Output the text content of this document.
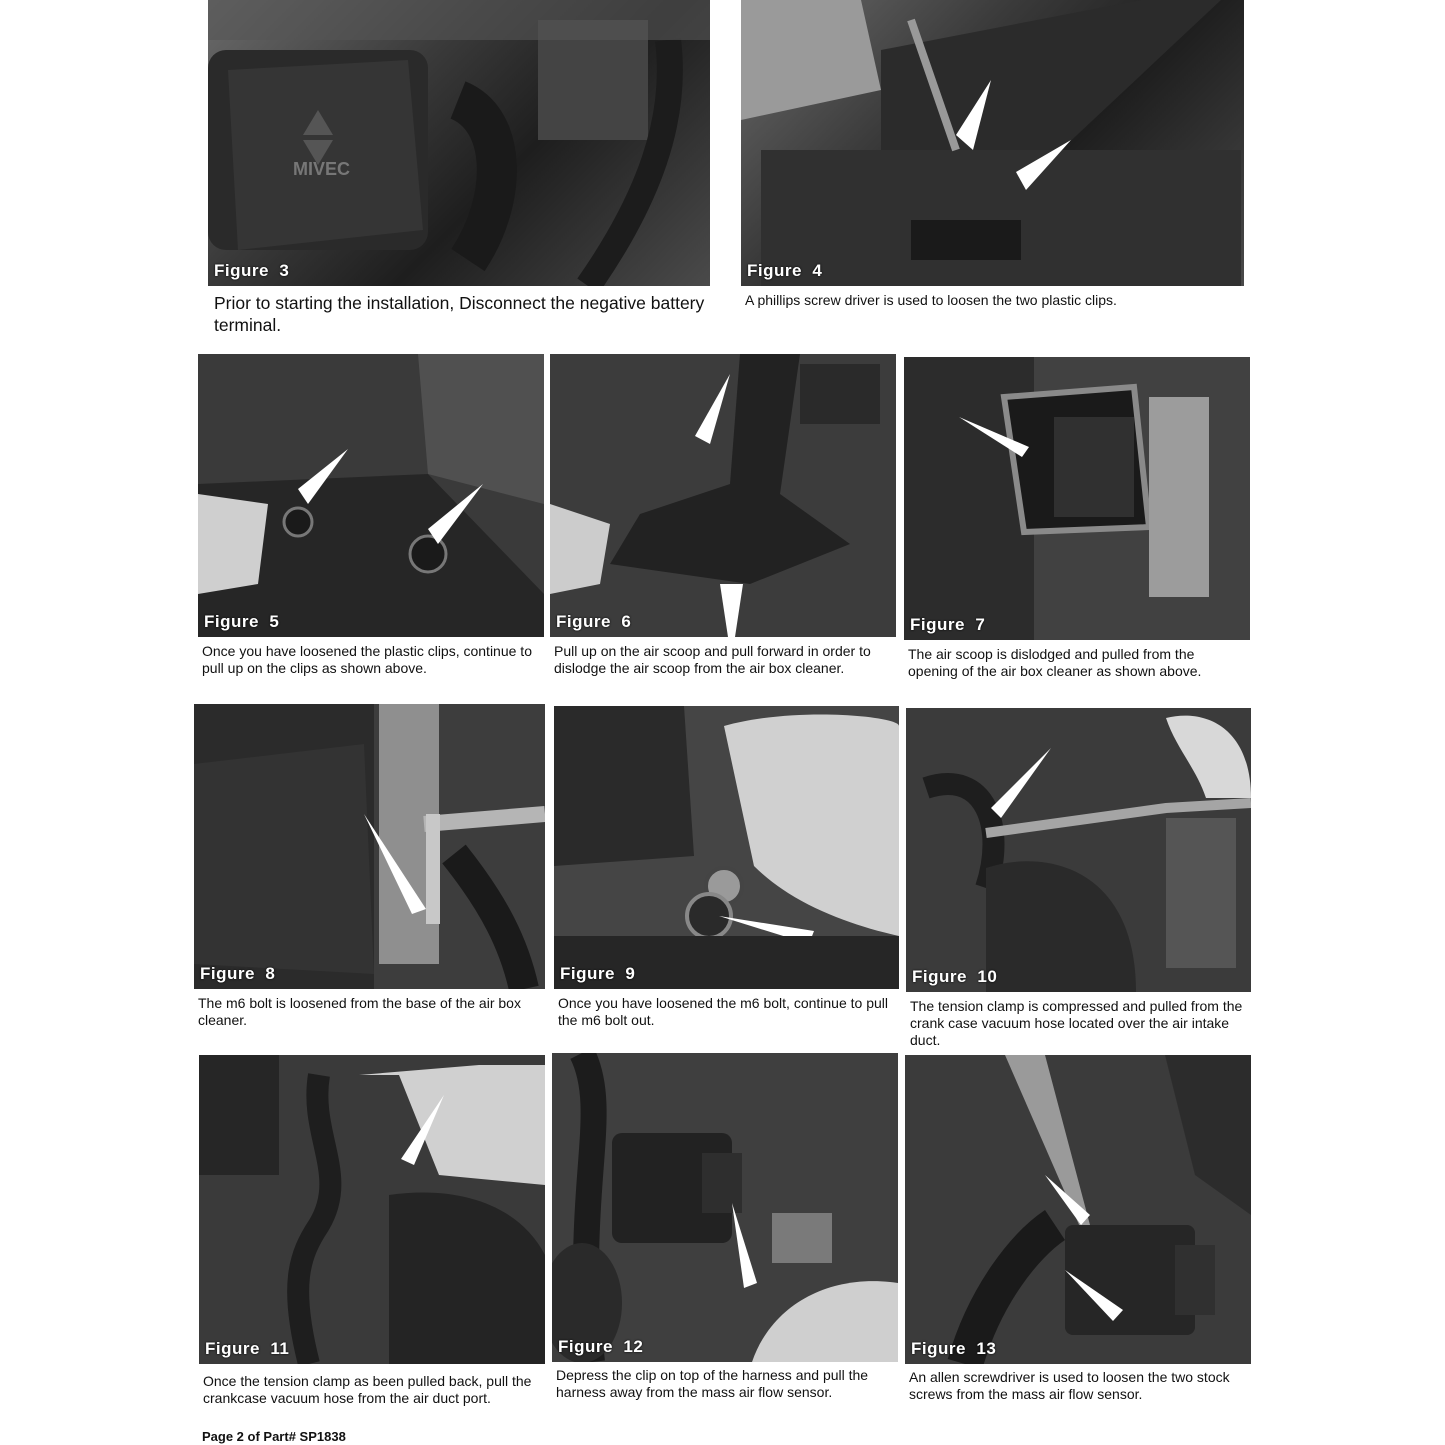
MIVEC
Figure  3

Prior to starting the installation, Disconnect the negative battery terminal.

Figure  4

A phillips screw driver is used to loosen the two plastic clips.

Figure  5

Once you have loosened the plastic clips, continue to pull up on the clips as shown above.

Figure  6

Pull up on the air scoop and pull forward in order to dislodge the air scoop from the air box cleaner.

Figure  7

The air scoop is dislodged and pulled from the opening of the air box cleaner as shown above.

Figure  8

The m6 bolt is loosened from the base of the air box cleaner.

Figure  9

Once you have loosened the m6 bolt, continue to pull the m6 bolt out.

Figure  10

The tension clamp is compressed and pulled from the crank case vacuum hose located over the air intake duct.

Figure  11

Once the tension clamp as been pulled back, pull the crankcase vacuum hose from the air duct port.

Figure  12

Depress the clip on top of the harness and pull the harness away from the mass air flow sensor.

Figure  13

An allen screwdriver is used to loosen the two stock screws from the mass air flow sensor.

Page 2 of Part# SP1838
